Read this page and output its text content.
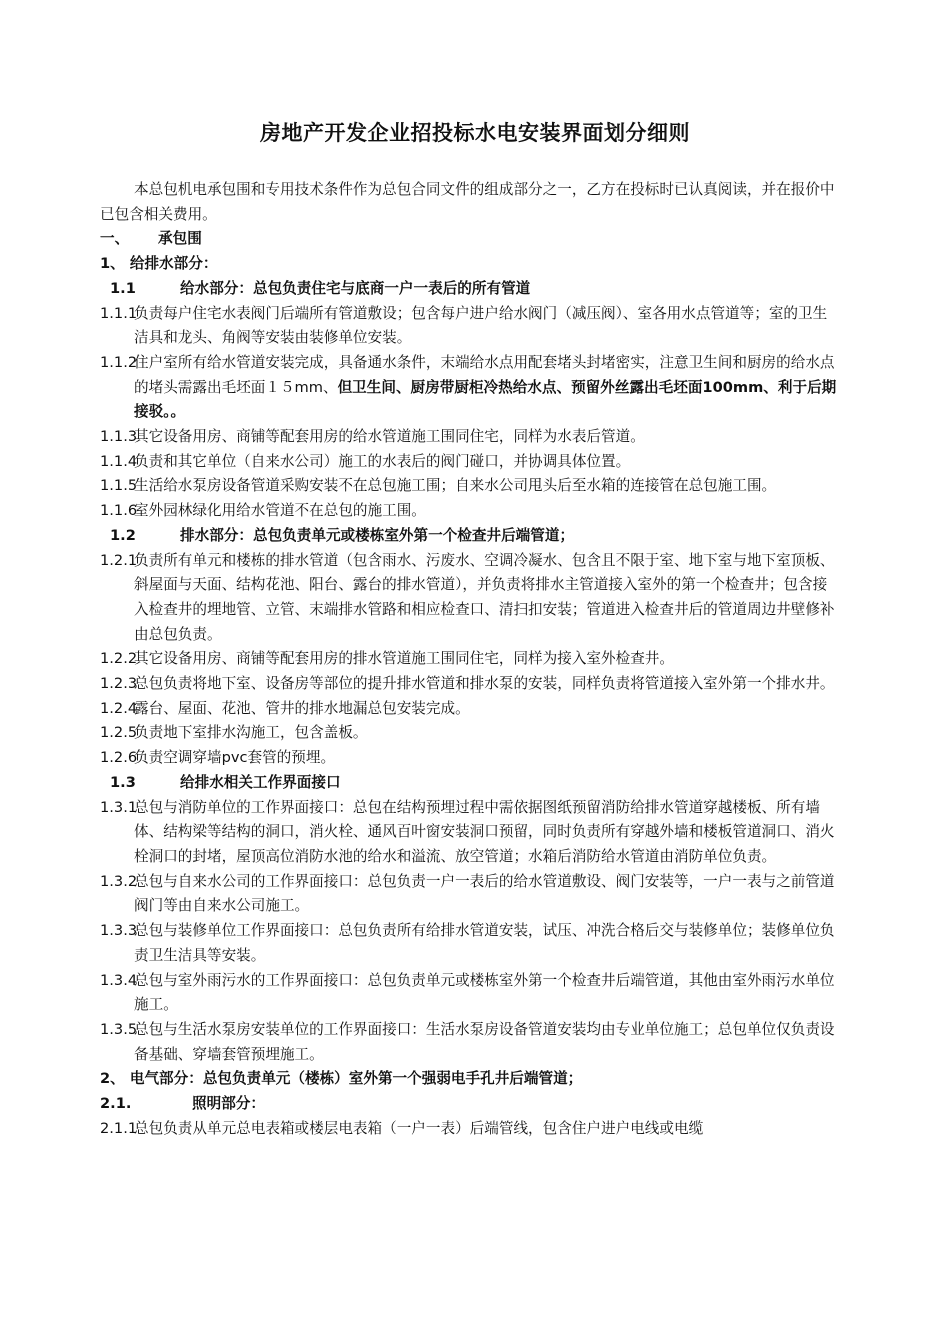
房地产开发企业招投标水电安装界面划分细则

本总包机电承包围和专用技术条件作为总包合同文件的组成部分之一，乙方在投标时已认真阅读，并在报价中已包含相关费用。

一、	承包围

1、 给排水部分：

1.1	给水部分：总包负责住宅与底商一户一表后的所有管道

1.1.1负责每户住宅水表阀门后端所有管道敷设；包含每户进户给水阀门（减压阀）、室各用水点管道等；室的卫生洁具和龙头、角阀等安装由装修单位安装。

1.1.2住户室所有给水管道安装完成，具备通水条件，末端给水点用配套堵头封堵密实，注意卫生间和厨房的给水点的堵头需露出毛坯面１５mm、但卫生间、厨房带厨柜冷热给水点、预留外丝露出毛坯面100mm、利于后期接驳。。

1.1.3其它设备用房、商铺等配套用房的给水管道施工围同住宅，同样为水表后管道。

1.1.4负责和其它单位（自来水公司）施工的水表后的阀门碰口，并协调具体位置。

1.1.5生活给水泵房设备管道采购安装不在总包施工围；自来水公司甩头后至水箱的连接管在总包施工围。

1.1.6室外园林绿化用给水管道不在总包的施工围。

1.2	排水部分：总包负责单元或楼栋室外第一个检查井后端管道；

1.2.1负责所有单元和楼栋的排水管道（包含雨水、污废水、空调冷凝水、包含且不限于室、地下室与地下室顶板、斜屋面与天面、结构花池、阳台、露台的排水管道），并负责将排水主管道接入室外的第一个检查井；包含接入检查井的埋地管、立管、末端排水管路和相应检查口、清扫扣安装；管道进入检查井后的管道周边井壁修补由总包负责。

1.2.2其它设备用房、商铺等配套用房的排水管道施工围同住宅，同样为接入室外检查井。

1.2.3总包负责将地下室、设备房等部位的提升排水管道和排水泵的安装，同样负责将管道接入室外第一个排水井。

1.2.4露台、屋面、花池、管井的排水地漏总包安装完成。

1.2.5负责地下室排水沟施工，包含盖板。

1.2.6负责空调穿墙pvc套管的预埋。

1.3	给排水相关工作界面接口

1.3.1总包与消防单位的工作界面接口：总包在结构预埋过程中需依据图纸预留消防给排水管道穿越楼板、所有墙体、结构梁等结构的洞口，消火栓、通风百叶窗安装洞口预留，同时负责所有穿越外墙和楼板管道洞口、消火栓洞口的封堵，屋顶高位消防水池的给水和溢流、放空管道；水箱后消防给水管道由消防单位负责。

1.3.2总包与自来水公司的工作界面接口：总包负责一户一表后的给水管道敷设、阀门安装等，一户一表与之前管道阀门等由自来水公司施工。

1.3.3总包与装修单位工作界面接口：总包负责所有给排水管道安装，试压、冲洗合格后交与装修单位；装修单位负责卫生洁具等安装。

1.3.4总包与室外雨污水的工作界面接口：总包负责单元或楼栋室外第一个检查井后端管道，其他由室外雨污水单位施工。

1.3.5总包与生活水泵房安装单位的工作界面接口：生活水泵房设备管道安装均由专业单位施工；总包单位仅负责设备基础、穿墙套管预埋施工。

2、 电气部分：总包负责单元（楼栋）室外第一个强弱电手孔井后端管道；

2.1.	照明部分：

2.1.1总包负责从单元总电表箱或楼层电表箱（一户一表）后端管线，包含住户进户电线或电缆
